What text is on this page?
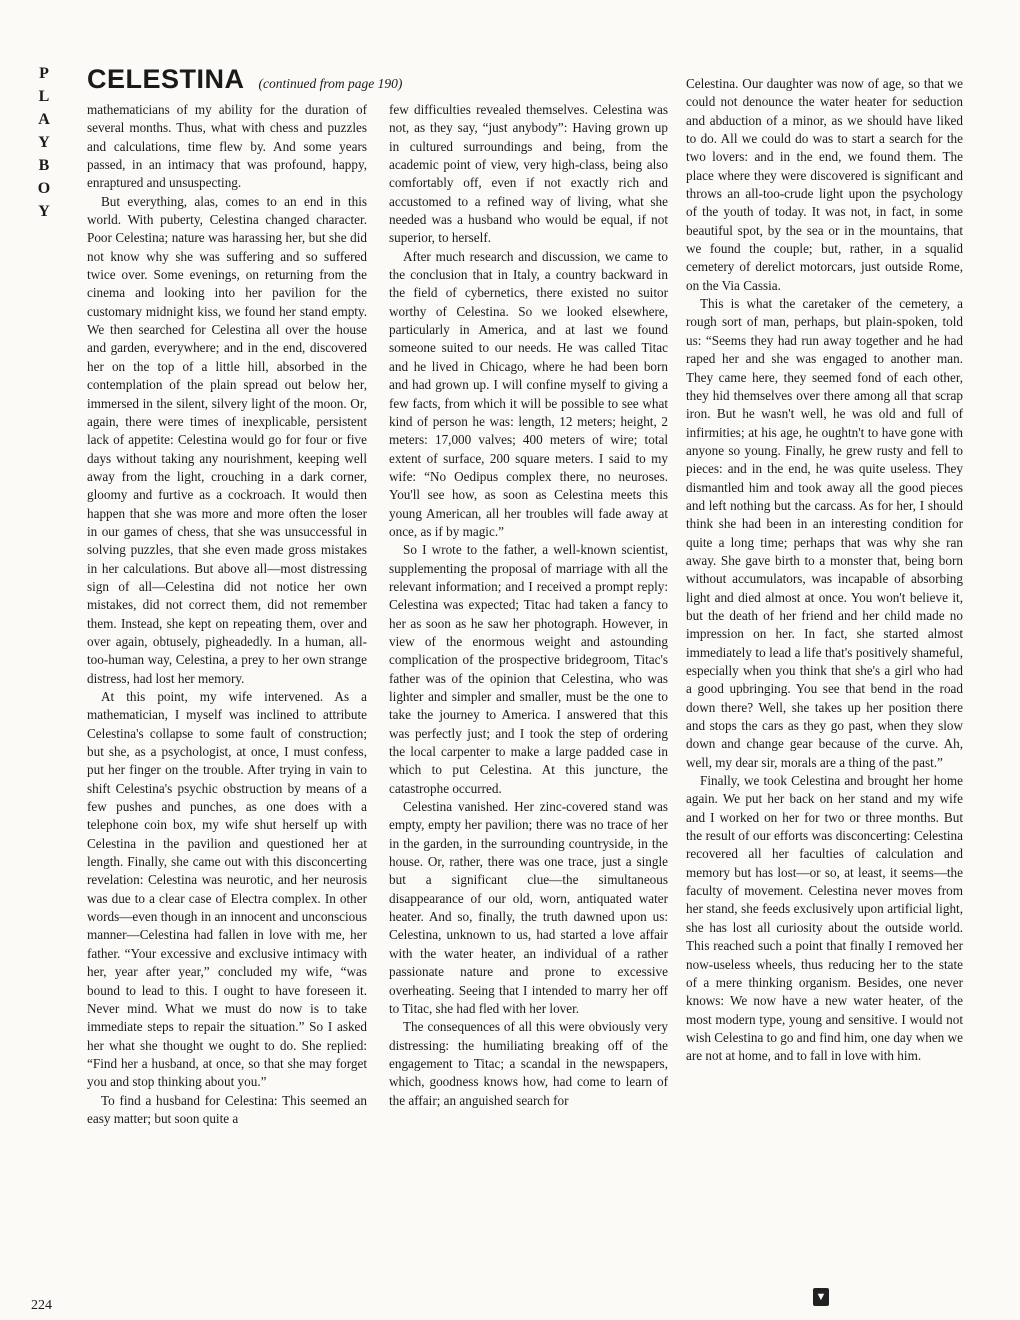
P
L
A
Y
B
O
Y
CELESTINA (continued from page 190)

mathematicians of my ability for the duration of several months. Thus, what with chess and puzzles and calculations, time flew by. And some years passed, in an intimacy that was profound, happy, enraptured and unsuspecting.

But everything, alas, comes to an end in this world. With puberty, Celestina changed character. Poor Celestina; nature was harassing her, but she did not know why she was suffering and so suffered twice over. Some evenings, on returning from the cinema and looking into her pavilion for the customary midnight kiss, we found her stand empty. We then searched for Celestina all over the house and garden, everywhere; and in the end, discovered her on the top of a little hill, absorbed in the contemplation of the plain spread out below her, immersed in the silent, silvery light of the moon. Or, again, there were times of inexplicable, persistent lack of appetite: Celestina would go for four or five days without taking any nourishment, keeping well away from the light, crouching in a dark corner, gloomy and furtive as a cockroach. It would then happen that she was more and more often the loser in our games of chess, that she was unsuccessful in solving puzzles, that she even made gross mistakes in her calculations. But above all—most distressing sign of all—Celestina did not notice her own mistakes, did not correct them, did not remember them. Instead, she kept on repeating them, over and over again, obtusely, pigheadedly. In a human, all-too-human way, Celestina, a prey to her own strange distress, had lost her memory.

At this point, my wife intervened. As a mathematician, I myself was inclined to attribute Celestina's collapse to some fault of construction; but she, as a psychologist, at once, I must confess, put her finger on the trouble. After trying in vain to shift Celestina's psychic obstruction by means of a few pushes and punches, as one does with a telephone coin box, my wife shut herself up with Celestina in the pavilion and questioned her at length. Finally, she came out with this disconcerting revelation: Celestina was neurotic, and her neurosis was due to a clear case of Electra complex. In other words—even though in an innocent and unconscious manner—Celestina had fallen in love with me, her father. “Your excessive and exclusive intimacy with her, year after year,” concluded my wife, “was bound to lead to this. I ought to have foreseen it. Never mind. What we must do now is to take immediate steps to repair the situation.” So I asked her what she thought we ought to do. She replied: “Find her a husband, at once, so that she may forget you and stop thinking about you.”

To find a husband for Celestina: This seemed an easy matter; but soon quite a

few difficulties revealed themselves. Celestina was not, as they say, “just anybody”: Having grown up in cultured surroundings and being, from the academic point of view, very high-class, being also comfortably off, even if not exactly rich and accustomed to a refined way of living, what she needed was a husband who would be equal, if not superior, to herself.

After much research and discussion, we came to the conclusion that in Italy, a country backward in the field of cybernetics, there existed no suitor worthy of Celestina. So we looked elsewhere, particularly in America, and at last we found someone suited to our needs. He was called Titac and he lived in Chicago, where he had been born and had grown up. I will confine myself to giving a few facts, from which it will be possible to see what kind of person he was: length, 12 meters; height, 2 meters: 17,000 valves; 400 meters of wire; total extent of surface, 200 square meters. I said to my wife: “No Oedipus complex there, no neuroses. You'll see how, as soon as Celestina meets this young American, all her troubles will fade away at once, as if by magic.”

So I wrote to the father, a well-known scientist, supplementing the proposal of marriage with all the relevant information; and I received a prompt reply: Celestina was expected; Titac had taken a fancy to her as soon as he saw her photograph. However, in view of the enormous weight and astounding complication of the prospective bridegroom, Titac's father was of the opinion that Celestina, who was lighter and simpler and smaller, must be the one to take the journey to America. I answered that this was perfectly just; and I took the step of ordering the local carpenter to make a large padded case in which to put Celestina. At this juncture, the catastrophe occurred.

Celestina vanished. Her zinc-covered stand was empty, empty her pavilion; there was no trace of her in the garden, in the surrounding countryside, in the house. Or, rather, there was one trace, just a single but a significant clue—the simultaneous disappearance of our old, worn, antiquated water heater. And so, finally, the truth dawned upon us: Celestina, unknown to us, had started a love affair with the water heater, an individual of a rather passionate nature and prone to excessive overheating. Seeing that I intended to marry her off to Titac, she had fled with her lover.

The consequences of all this were obviously very distressing: the humiliating breaking off of the engagement to Titac; a scandal in the newspapers, which, goodness knows how, had come to learn of the affair; an anguished search for

Celestina. Our daughter was now of age, so that we could not denounce the water heater for seduction and abduction of a minor, as we should have liked to do. All we could do was to start a search for the two lovers: and in the end, we found them. The place where they were discovered is significant and throws an all-too-crude light upon the psychology of the youth of today. It was not, in fact, in some beautiful spot, by the sea or in the mountains, that we found the couple; but, rather, in a squalid cemetery of derelict motorcars, just outside Rome, on the Via Cassia.

This is what the caretaker of the cemetery, a rough sort of man, perhaps, but plain-spoken, told us: “Seems they had run away together and he had raped her and she was engaged to another man. They came here, they seemed fond of each other, they hid themselves over there among all that scrap iron. But he wasn't well, he was old and full of infirmities; at his age, he oughtn't to have gone with anyone so young. Finally, he grew rusty and fell to pieces: and in the end, he was quite useless. They dismantled him and took away all the good pieces and left nothing but the carcass. As for her, I should think she had been in an interesting condition for quite a long time; perhaps that was why she ran away. She gave birth to a monster that, being born without accumulators, was incapable of absorbing light and died almost at once. You won't believe it, but the death of her friend and her child made no impression on her. In fact, she started almost immediately to lead a life that's positively shameful, especially when you think that she's a girl who had a good upbringing. You see that bend in the road down there? Well, she takes up her position there and stops the cars as they go past, when they slow down and change gear because of the curve. Ah, well, my dear sir, morals are a thing of the past.”

Finally, we took Celestina and brought her home again. We put her back on her stand and my wife and I worked on her for two or three months. But the result of our efforts was disconcerting: Celestina recovered all her faculties of calculation and memory but has lost—or so, at least, it seems—the faculty of movement. Celestina never moves from her stand, she feeds exclusively upon artificial light, she has lost all curiosity about the outside world. This reached such a point that finally I removed her now-useless wheels, thus reducing her to the state of a mere thinking organism. Besides, one never knows: We now have a new water heater, of the most modern type, young and sensitive. I would not wish Celestina to go and find him, one day when we are not at home, and to fall in love with him.

224
▼
